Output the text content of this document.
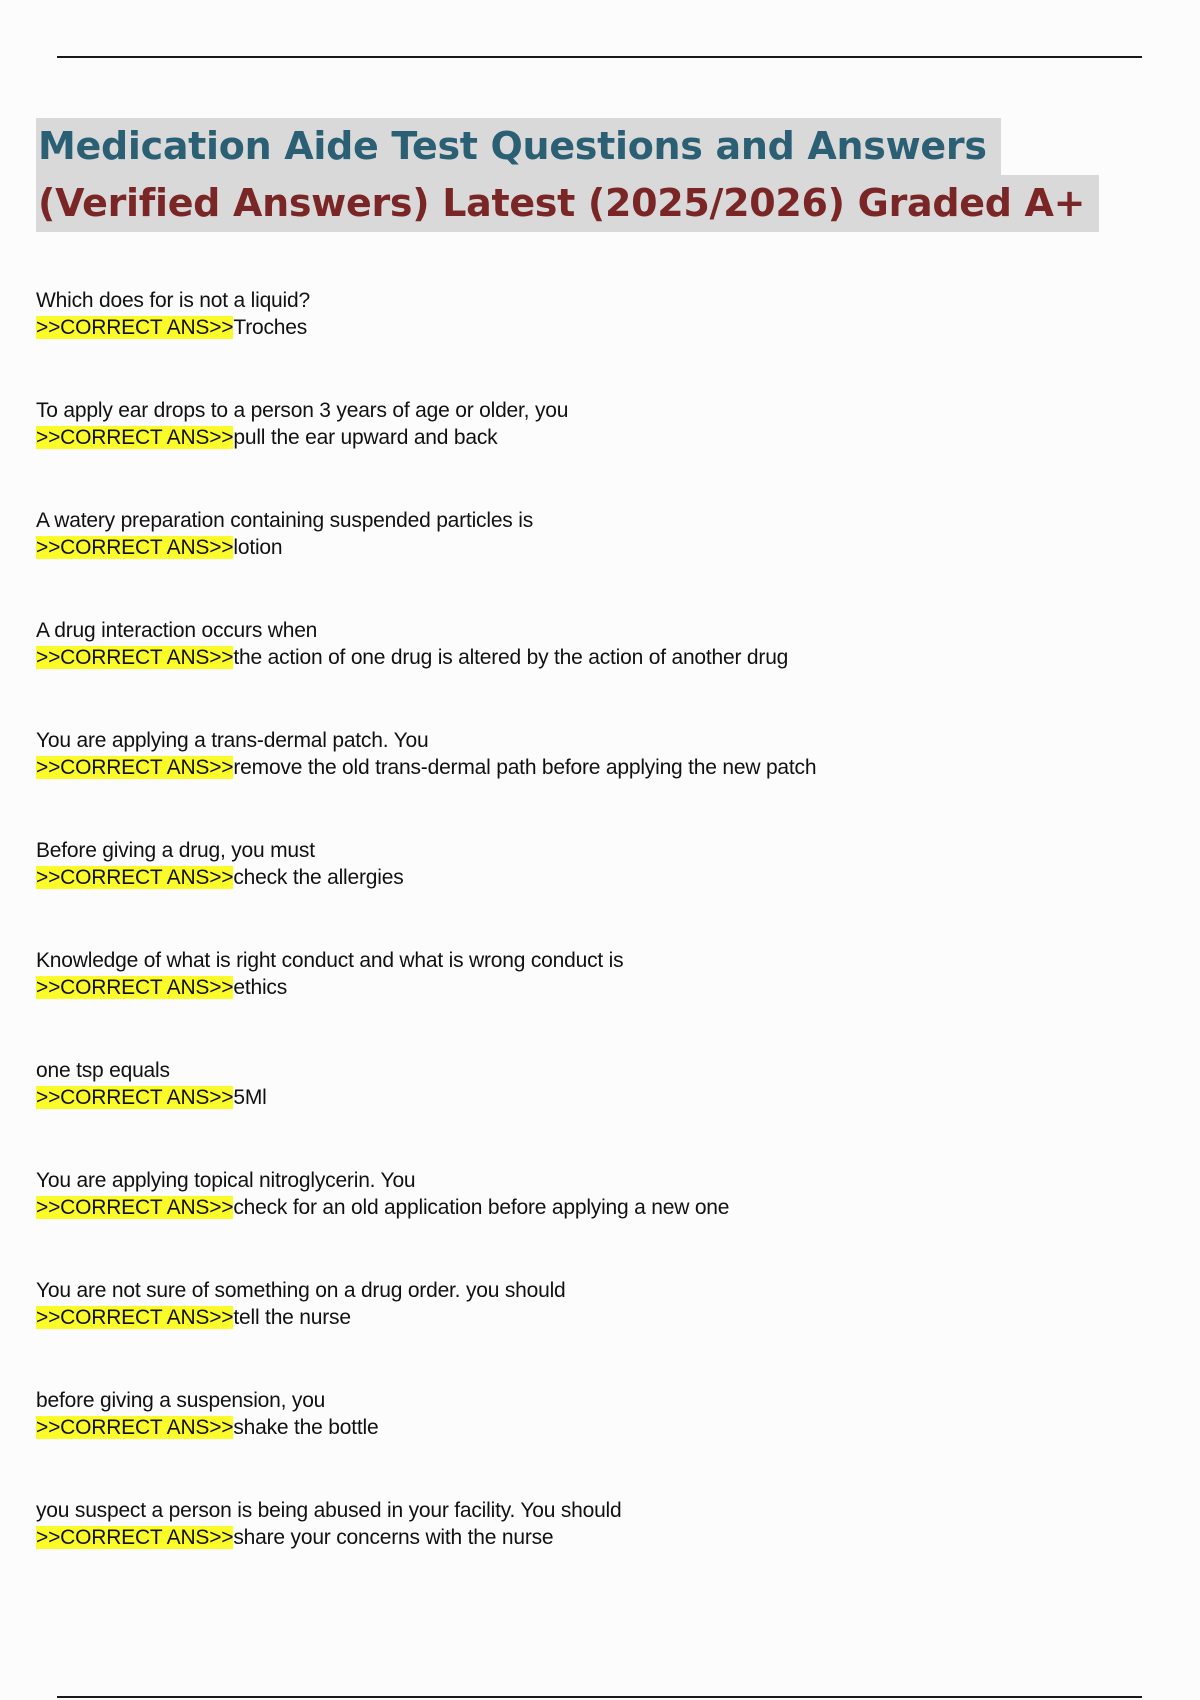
Medication Aide Test Questions and Answers
(Verified Answers) Latest (2025/2026) Graded A+
Which does for is not a liquid?
>>CORRECT ANS>>Troches
To apply ear drops to a person 3 years of age or older, you
>>CORRECT ANS>>pull the ear upward and back
A watery preparation containing suspended particles is
>>CORRECT ANS>>lotion
A drug interaction occurs when
>>CORRECT ANS>>the action of one drug is altered by the action of another drug
You are applying a trans-dermal patch. You
>>CORRECT ANS>>remove the old trans-dermal path before applying the new patch
Before giving a drug, you must
>>CORRECT ANS>>check the allergies
Knowledge of what is right conduct and what is wrong conduct is
>>CORRECT ANS>>ethics
one tsp equals
>>CORRECT ANS>>5Ml
You are applying topical nitroglycerin. You
>>CORRECT ANS>>check for an old application before applying a new one
You are not sure of something on a drug order. you should
>>CORRECT ANS>>tell the nurse
before giving a suspension, you
>>CORRECT ANS>>shake the bottle
you suspect a person is being abused in your facility. You should
>>CORRECT ANS>>share your concerns with the nurse
